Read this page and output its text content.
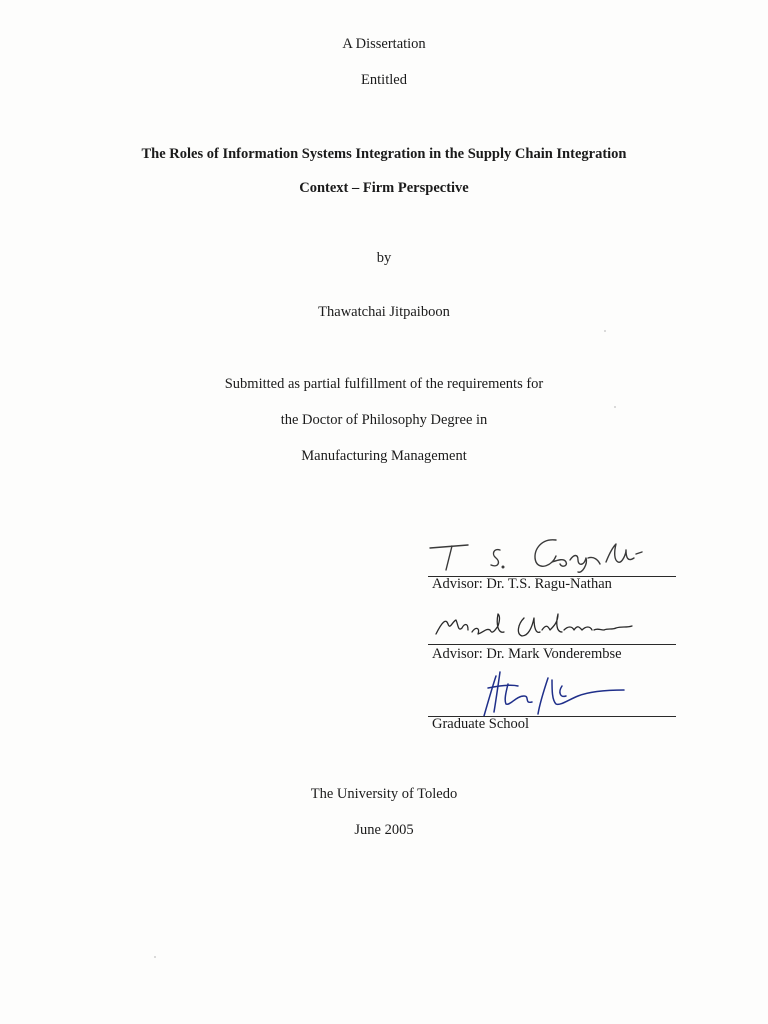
A Dissertation
Entitled
The Roles of Information Systems Integration in the Supply Chain Integration
Context – Firm Perspective
by
Thawatchai Jitpaiboon
Submitted as partial fulfillment of the requirements for
the Doctor of Philosophy Degree in
Manufacturing Management
Advisor: Dr. T.S. Ragu-Nathan
Advisor: Dr. Mark Vonderembse
Graduate School
The University of Toledo
June 2005
